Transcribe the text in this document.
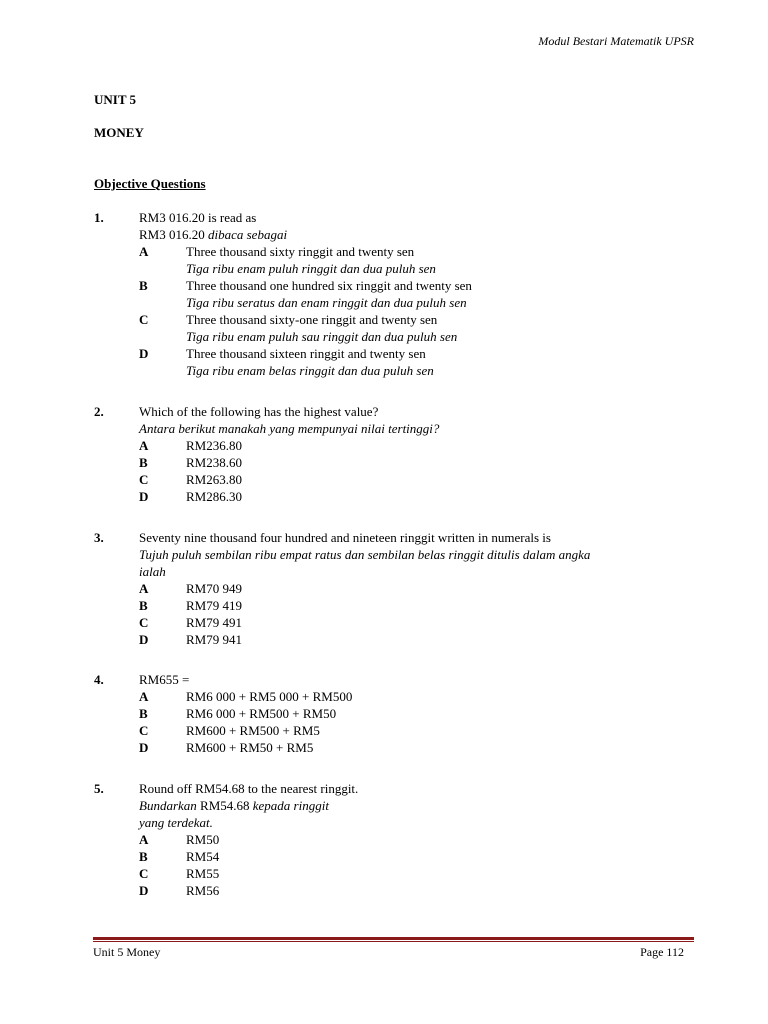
Modul Bestari Matematik UPSR
UNIT 5
MONEY
Objective Questions
1.	RM3 016.20 is read as
RM3 016.20 dibaca sebagai
A	Three thousand sixty ringgit and twenty sen
Tiga ribu enam puluh ringgit dan dua puluh sen
B	Three thousand one hundred six ringgit and twenty sen
Tiga ribu seratus dan enam ringgit dan dua puluh sen
C	Three thousand sixty-one ringgit and twenty sen
Tiga ribu enam puluh sau ringgit dan dua puluh sen
D	Three thousand sixteen ringgit and twenty sen
Tiga ribu enam belas ringgit dan dua puluh sen
2.	Which of the following has the highest value?
Antara berikut manakah yang mempunyai nilai tertinggi?
A	RM236.80
B	RM238.60
C	RM263.80
D	RM286.30
3.	Seventy nine thousand four hundred and nineteen ringgit written in numerals is
Tujuh puluh sembilan ribu empat ratus dan sembilan belas ringgit ditulis dalam angka
ialah
A	RM70 949
B	RM79 419
C	RM79 491
D	RM79 941
4.	RM655 =
A	RM6 000 + RM5 000 + RM500
B	RM6 000 + RM500 + RM50
C	RM600 + RM500 + RM5
D	RM600 + RM50 + RM5
5.	Round off RM54.68 to the nearest ringgit.
Bundarkan RM54.68 kepada ringgit
yang terdekat.
A	RM50
B	RM54
C	RM55
D	RM56
Unit 5 Money	Page 112
